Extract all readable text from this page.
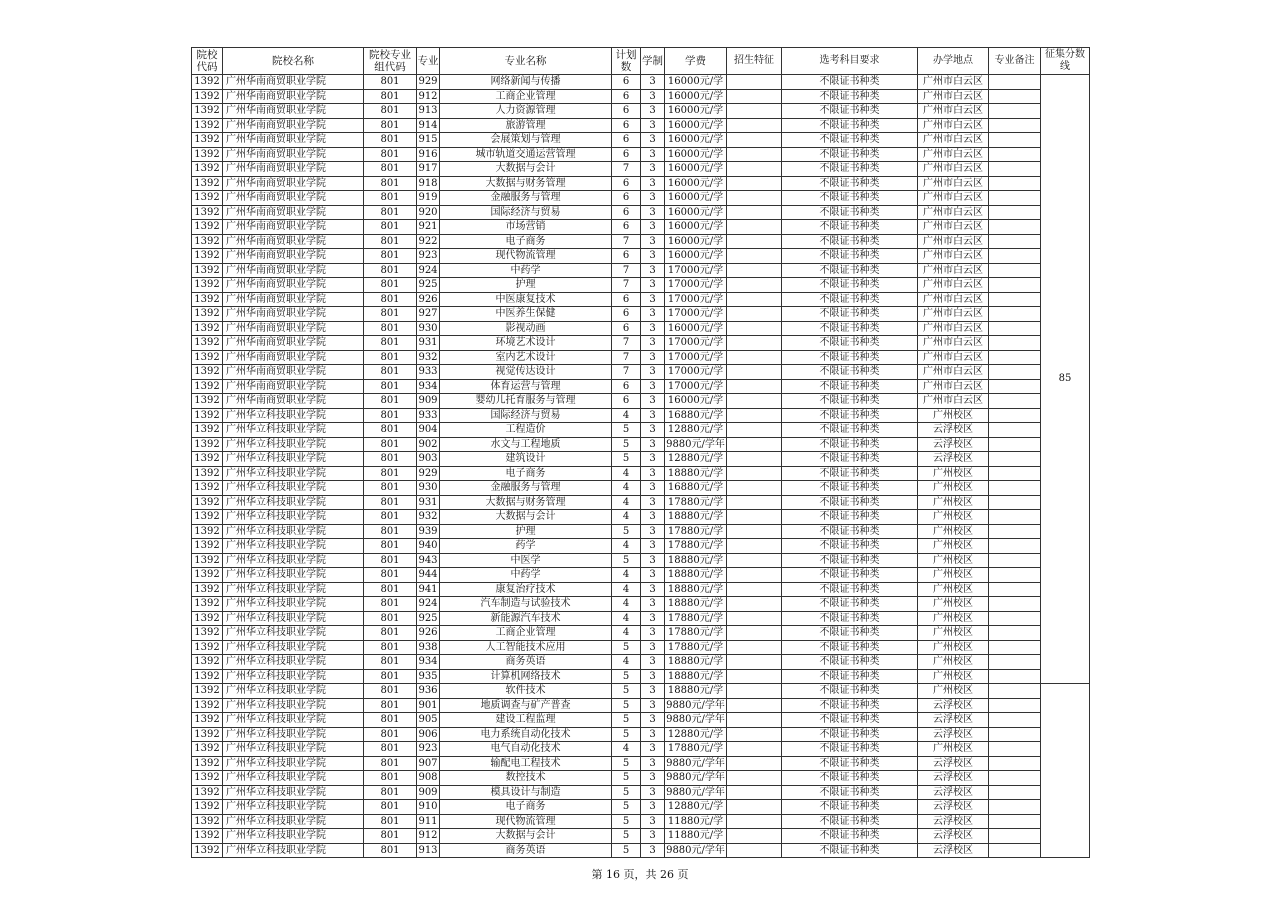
院校代码	院校名称	院校专业组代码	专业	专业名称	计划数	学制	学费	招生特征	选考科目要求	办学地点	专业备注	征集分数线
1392	广州华南商贸职业学院	801	929	网络新闻与传播	6	3	16000元/学		不限证书种类	广州市白云区		85
1392	广州华南商贸职业学院	801	912	工商企业管理	6	3	16000元/学		不限证书种类	广州市白云区		
1392	广州华南商贸职业学院	801	913	人力资源管理	6	3	16000元/学		不限证书种类	广州市白云区		
1392	广州华南商贸职业学院	801	914	旅游管理	6	3	16000元/学		不限证书种类	广州市白云区		
1392	广州华南商贸职业学院	801	915	会展策划与管理	6	3	16000元/学		不限证书种类	广州市白云区		
1392	广州华南商贸职业学院	801	916	城市轨道交通运营管理	6	3	16000元/学		不限证书种类	广州市白云区		
1392	广州华南商贸职业学院	801	917	大数据与会计	7	3	16000元/学		不限证书种类	广州市白云区		
1392	广州华南商贸职业学院	801	918	大数据与财务管理	6	3	16000元/学		不限证书种类	广州市白云区		
1392	广州华南商贸职业学院	801	919	金融服务与管理	6	3	16000元/学		不限证书种类	广州市白云区		
1392	广州华南商贸职业学院	801	920	国际经济与贸易	6	3	16000元/学		不限证书种类	广州市白云区		
1392	广州华南商贸职业学院	801	921	市场营销	6	3	16000元/学		不限证书种类	广州市白云区		
1392	广州华南商贸职业学院	801	922	电子商务	7	3	16000元/学		不限证书种类	广州市白云区		
1392	广州华南商贸职业学院	801	923	现代物流管理	6	3	16000元/学		不限证书种类	广州市白云区		
1392	广州华南商贸职业学院	801	924	中药学	7	3	17000元/学		不限证书种类	广州市白云区		
1392	广州华南商贸职业学院	801	925	护理	7	3	17000元/学		不限证书种类	广州市白云区		
1392	广州华南商贸职业学院	801	926	中医康复技术	6	3	17000元/学		不限证书种类	广州市白云区		
1392	广州华南商贸职业学院	801	927	中医养生保健	6	3	17000元/学		不限证书种类	广州市白云区		
1392	广州华南商贸职业学院	801	930	影视动画	6	3	16000元/学		不限证书种类	广州市白云区		
1392	广州华南商贸职业学院	801	931	环境艺术设计	7	3	17000元/学		不限证书种类	广州市白云区		
1392	广州华南商贸职业学院	801	932	室内艺术设计	7	3	17000元/学		不限证书种类	广州市白云区		
1392	广州华南商贸职业学院	801	933	视觉传达设计	7	3	17000元/学		不限证书种类	广州市白云区		
1392	广州华南商贸职业学院	801	934	体育运营与管理	6	3	17000元/学		不限证书种类	广州市白云区		
1392	广州华南商贸职业学院	801	909	婴幼儿托育服务与管理	6	3	16000元/学		不限证书种类	广州市白云区		
1392	广州华立科技职业学院	801	933	国际经济与贸易	4	3	16880元/学		不限证书种类	广州校区		
1392	广州华立科技职业学院	801	904	工程造价	5	3	12880元/学		不限证书种类	云浮校区		
1392	广州华立科技职业学院	801	902	水文与工程地质	5	3	9880元/学年		不限证书种类	云浮校区		
1392	广州华立科技职业学院	801	903	建筑设计	5	3	12880元/学		不限证书种类	云浮校区		
1392	广州华立科技职业学院	801	929	电子商务	4	3	18880元/学		不限证书种类	广州校区		
1392	广州华立科技职业学院	801	930	金融服务与管理	4	3	16880元/学		不限证书种类	广州校区		
1392	广州华立科技职业学院	801	931	大数据与财务管理	4	3	17880元/学		不限证书种类	广州校区		
1392	广州华立科技职业学院	801	932	大数据与会计	4	3	18880元/学		不限证书种类	广州校区		
1392	广州华立科技职业学院	801	939	护理	5	3	17880元/学		不限证书种类	广州校区		
1392	广州华立科技职业学院	801	940	药学	4	3	17880元/学		不限证书种类	广州校区		
1392	广州华立科技职业学院	801	943	中医学	5	3	18880元/学		不限证书种类	广州校区		
1392	广州华立科技职业学院	801	944	中药学	4	3	18880元/学		不限证书种类	广州校区		
1392	广州华立科技职业学院	801	941	康复治疗技术	4	3	18880元/学		不限证书种类	广州校区		
1392	广州华立科技职业学院	801	924	汽车制造与试验技术	4	3	18880元/学		不限证书种类	广州校区		
1392	广州华立科技职业学院	801	925	新能源汽车技术	4	3	17880元/学		不限证书种类	广州校区		
1392	广州华立科技职业学院	801	926	工商企业管理	4	3	17880元/学		不限证书种类	广州校区		
1392	广州华立科技职业学院	801	938	人工智能技术应用	5	3	17880元/学		不限证书种类	广州校区		
1392	广州华立科技职业学院	801	934	商务英语	4	3	18880元/学		不限证书种类	广州校区		
1392	广州华立科技职业学院	801	935	计算机网络技术	5	3	18880元/学		不限证书种类	广州校区		
1392	广州华立科技职业学院	801	936	软件技术	5	3	18880元/学		不限证书种类	广州校区		
1392	广州华立科技职业学院	801	901	地质调查与矿产普查	5	3	9880元/学年		不限证书种类	云浮校区		
1392	广州华立科技职业学院	801	905	建设工程监理	5	3	9880元/学年		不限证书种类	云浮校区		
1392	广州华立科技职业学院	801	906	电力系统自动化技术	5	3	12880元/学		不限证书种类	云浮校区		
1392	广州华立科技职业学院	801	923	电气自动化技术	4	3	17880元/学		不限证书种类	广州校区		
1392	广州华立科技职业学院	801	907	输配电工程技术	5	3	9880元/学年		不限证书种类	云浮校区		
1392	广州华立科技职业学院	801	908	数控技术	5	3	9880元/学年		不限证书种类	云浮校区		
1392	广州华立科技职业学院	801	909	模具设计与制造	5	3	9880元/学年		不限证书种类	云浮校区		
1392	广州华立科技职业学院	801	910	电子商务	5	3	12880元/学		不限证书种类	云浮校区		
1392	广州华立科技职业学院	801	911	现代物流管理	5	3	11880元/学		不限证书种类	云浮校区		
1392	广州华立科技职业学院	801	912	大数据与会计	5	3	11880元/学		不限证书种类	云浮校区		
1392	广州华立科技职业学院	801	913	商务英语	5	3	9880元/学年		不限证书种类	云浮校区		
第 16 页，共 26 页
